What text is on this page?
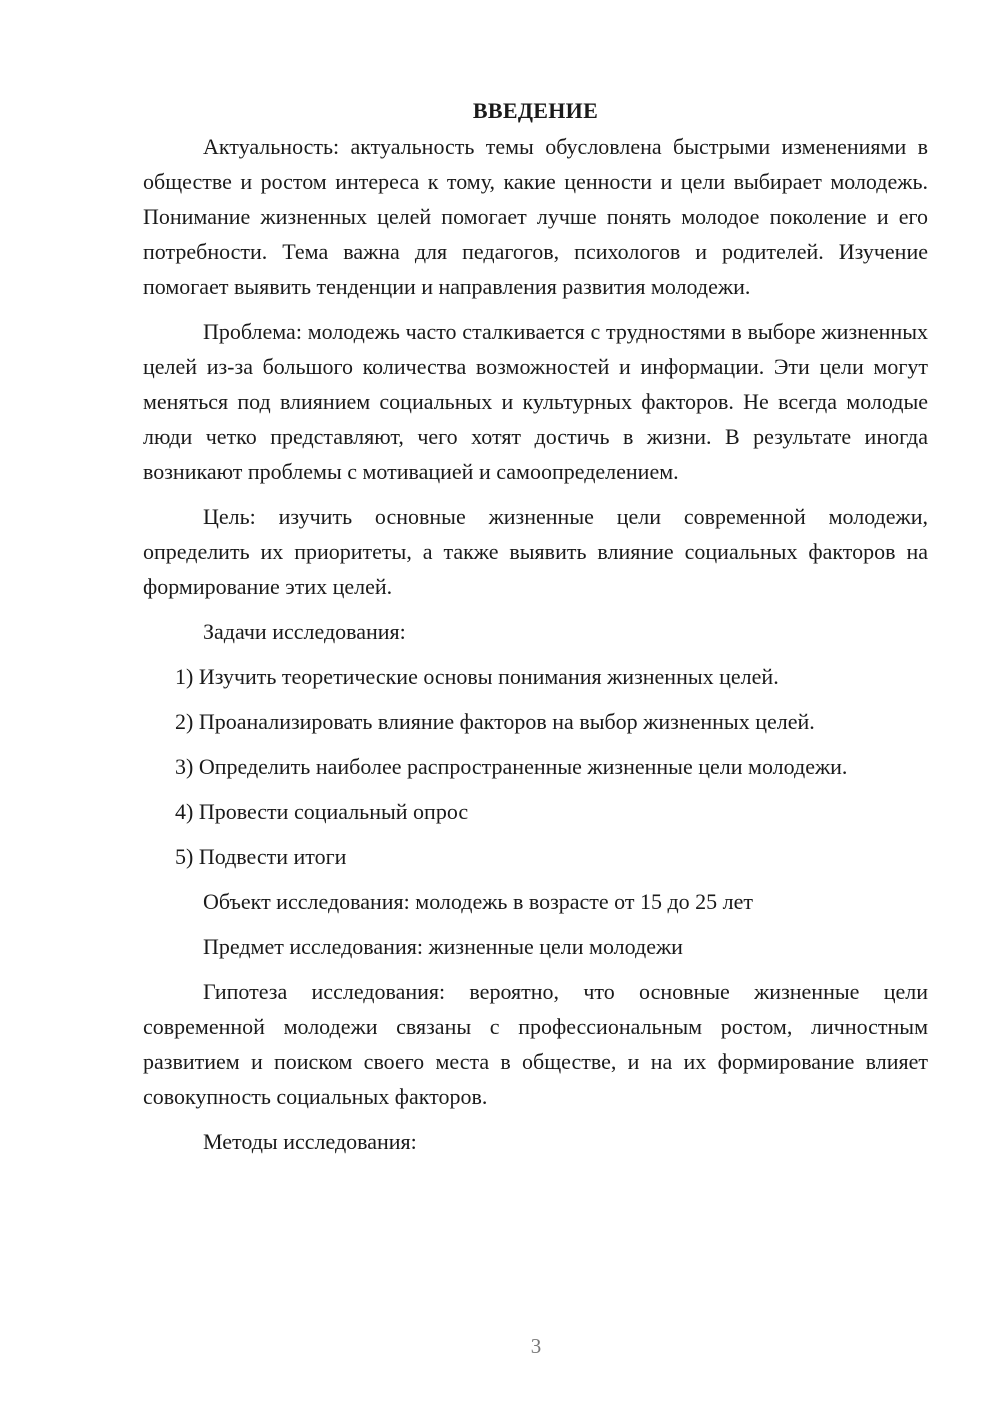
ВВЕДЕНИЕ

Актуальность: актуальность темы обусловлена быстрыми изменениями в обществе и ростом интереса к тому, какие ценности и цели выбирает молодежь. Понимание жизненных целей помогает лучше понять молодое поколение и его потребности. Тема важна для педагогов, психологов и родителей. Изучение помогает выявить тенденции и направления развития молодежи.

Проблема: молодежь часто сталкивается с трудностями в выборе жизненных целей из-за большого количества возможностей и информации. Эти цели могут меняться под влиянием социальных и культурных факторов. Не всегда молодые люди четко представляют, чего хотят достичь в жизни. В результате иногда возникают проблемы с мотивацией и самоопределением.

Цель: изучить основные жизненные цели современной молодежи, определить их приоритеты, а также выявить влияние социальных факторов на формирование этих целей.

Задачи исследования:

1) Изучить теоретические основы понимания жизненных целей.

2) Проанализировать влияние факторов на выбор жизненных целей.

3) Определить наиболее распространенные жизненные цели молодежи.

4) Провести социальный опрос

5) Подвести итоги

Объект исследования: молодежь в возрасте от 15 до 25 лет

Предмет исследования: жизненные цели молодежи

Гипотеза исследования: вероятно, что основные жизненные цели современной молодежи связаны с профессиональным ростом, личностным развитием и поиском своего места в обществе, и на их формирование влияет совокупность социальных факторов.

Методы исследования:

3
